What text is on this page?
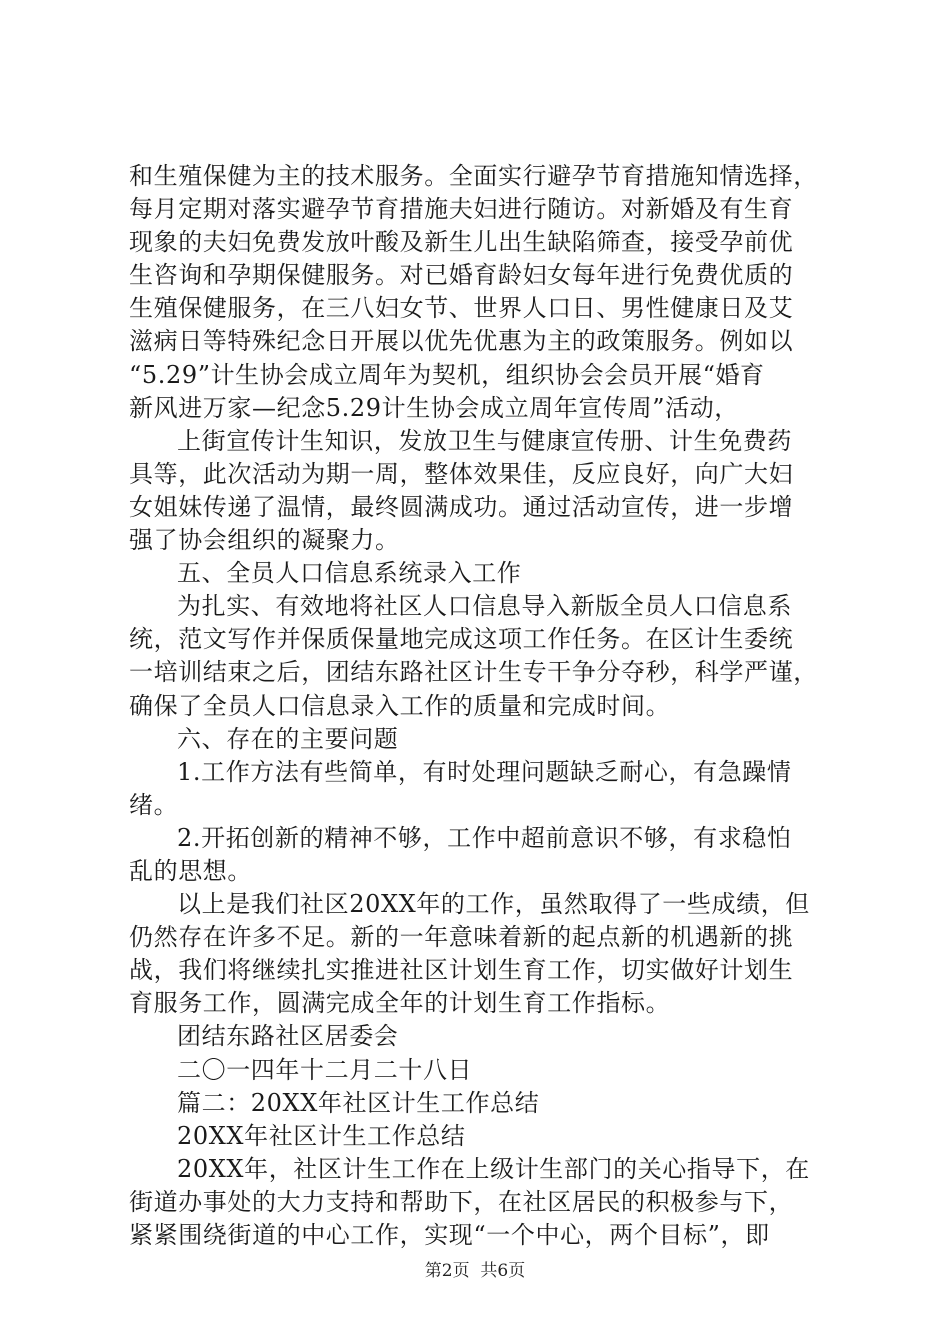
和生殖保健为主的技术服务。全面实行避孕节育措施知情选择，
每月定期对落实避孕节育措施夫妇进行随访。对新婚及有生育
现象的夫妇免费发放叶酸及新生儿出生缺陷筛查，接受孕前优
生咨询和孕期保健服务。对已婚育龄妇女每年进行免费优质的
生殖保健服务，在三八妇女节、世界人口日、男性健康日及艾
滋病日等特殊纪念日开展以优先优惠为主的政策服务。例如以
“5.29”计生协会成立周年为契机，组织协会会员开展“婚育
新风进万家—纪念5.29计生协会成立周年宣传周”活动，
上街宣传计生知识，发放卫生与健康宣传册、计生免费药
具等，此次活动为期一周，整体效果佳，反应良好，向广大妇
女姐妹传递了温情，最终圆满成功。通过活动宣传，进一步增
强了协会组织的凝聚力。
五、全员人口信息系统录入工作
为扎实、有效地将社区人口信息导入新版全员人口信息系
统，范文写作并保质保量地完成这项工作任务。在区计生委统
一培训结束之后，团结东路社区计生专干争分夺秒，科学严谨，
确保了全员人口信息录入工作的质量和完成时间。
六、存在的主要问题
1.工作方法有些简单，有时处理问题缺乏耐心，有急躁情
绪。
2.开拓创新的精神不够，工作中超前意识不够，有求稳怕
乱的思想。
以上是我们社区20XX年的工作，虽然取得了一些成绩，但
仍然存在许多不足。新的一年意味着新的起点新的机遇新的挑
战，我们将继续扎实推进社区计划生育工作，切实做好计划生
育服务工作，圆满完成全年的计划生育工作指标。
团结东路社区居委会
二〇一四年十二月二十八日
篇二：20XX年社区计生工作总结
20XX年社区计生工作总结
20XX年，社区计生工作在上级计生部门的关心指导下，在
街道办事处的大力支持和帮助下，在社区居民的积极参与下，
紧紧围绕街道的中心工作，实现“一个中心，两个目标”，即
第2页  共6页
